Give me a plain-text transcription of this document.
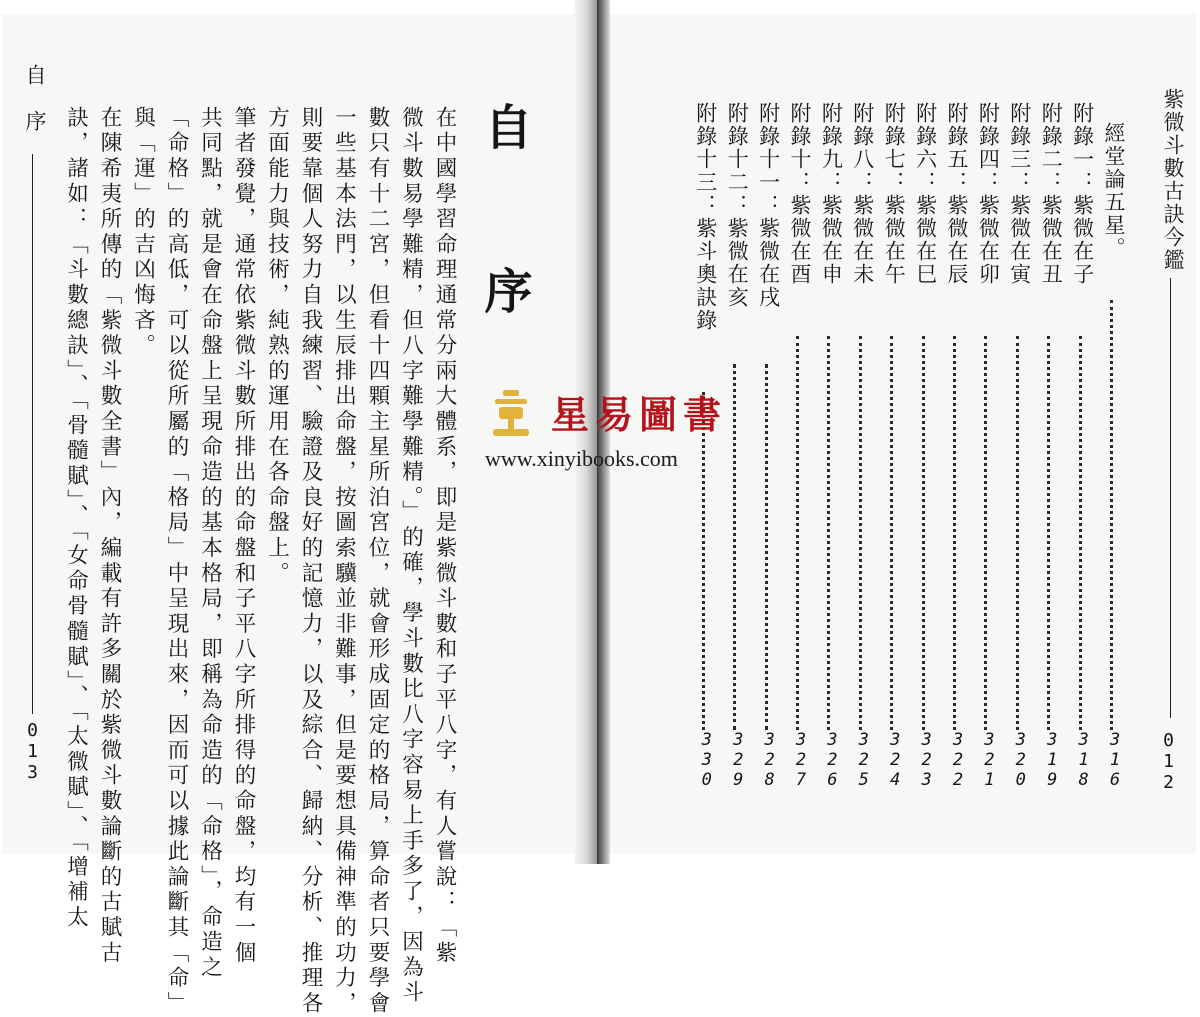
自　序
013
自　序
在中國學習命理通常分兩大體系，即是紫微斗數和子平八字，有人嘗說：「紫
微斗數易學難精，但八字難學難精。」的確，學斗數比八字容易上手多了，因為斗
數只有十二宮，但看十四顆主星所泊宮位，就會形成固定的格局，算命者只要學會
一些基本法門，以生辰排出命盤，按圖索驥並非難事，但是要想具備神準的功力，
則要靠個人努力自我練習、驗證及良好的記憶力，以及綜合、歸納、分析、推理各
方面能力與技術，純熟的運用在各命盤上。
筆者發覺，通常依紫微斗數所排出的命盤和子平八字所排得的命盤，均有一個
共同點，就是會在命盤上呈現命造的基本格局，即稱為命造的「命格」，命造之
「命格」的高低，可以從所屬的「格局」中呈現出來，因而可以據此論斷其「命」
與「運」的吉凶悔吝。
在陳希夷所傳的「紫微斗數全書」內，編載有許多關於紫微斗數論斷的古賦古
訣，諸如：「斗數總訣」、「骨髓賦」、「女命骨髓賦」、「太微賦」、「增補太	紫微斗數古訣今鑑
012
經堂論五星。
316
附錄一：紫微在子
318
附錄二：紫微在丑
319
附錄三：紫微在寅
320
附錄四：紫微在卯
321
附錄五：紫微在辰
322
附錄六：紫微在巳
323
附錄七：紫微在午
324
附錄八：紫微在未
325
附錄九：紫微在申
326
附錄十：紫微在酉
327
附錄十一：紫微在戌
328
附錄十二：紫微在亥
329
附錄十三：紫斗奧訣錄
330
星易圖書
www.xinyibooks.com
